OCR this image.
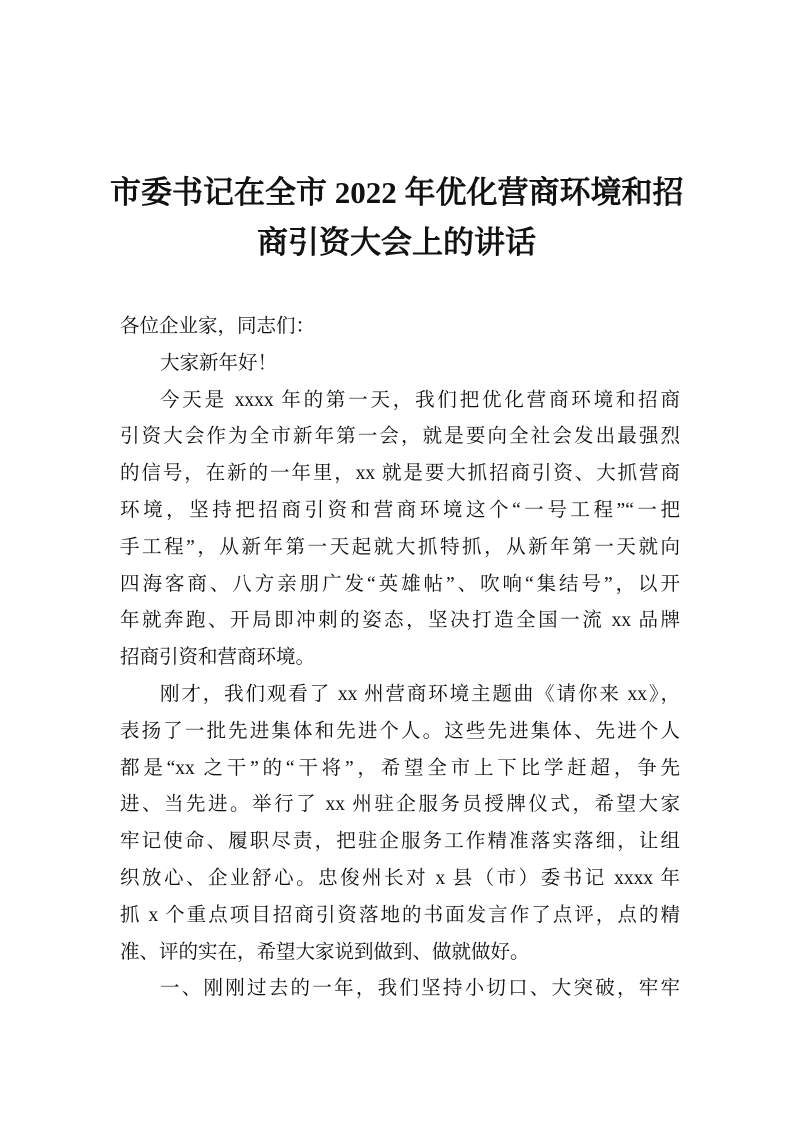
市委书记在全市 2022 年优化营商环境和招
商引资大会上的讲话
各位企业家，同志们：
大家新年好！
今天是 xxxx 年的第一天，我们把优化营商环境和招商
引资大会作为全市新年第一会，就是要向全社会发出最强烈
的信号，在新的一年里，xx 就是要大抓招商引资、大抓营商
环境，坚持把招商引资和营商环境这个“一号工程”“一把
手工程”，从新年第一天起就大抓特抓，从新年第一天就向
四海客商、八方亲朋广发“英雄帖”、吹响“集结号”，以开
年就奔跑、开局即冲刺的姿态，坚决打造全国一流 xx 品牌
招商引资和营商环境。
刚才，我们观看了 xx 州营商环境主题曲《请你来 xx》，
表扬了一批先进集体和先进个人。这些先进集体、先进个人
都是“xx 之干”的“干将”，希望全市上下比学赶超，争先
进、当先进。举行了 xx 州驻企服务员授牌仪式，希望大家
牢记使命、履职尽责，把驻企服务工作精准落实落细，让组
织放心、企业舒心。忠俊州长对 x 县（市）委书记 xxxx 年
抓 x 个重点项目招商引资落地的书面发言作了点评，点的精
准、评的实在，希望大家说到做到、做就做好。
一、刚刚过去的一年，我们坚持小切口、大突破，牢牢
